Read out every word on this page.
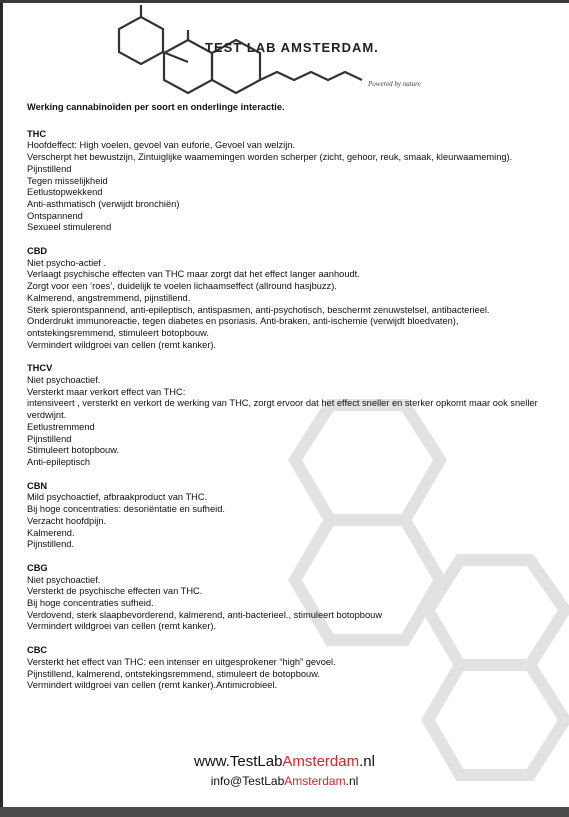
TEST LAB AMSTERDAM.
Powered by nature
Werking cannabinoïden per soort en onderlinge interactie.
THC
Hoofdeffect: High voelen, gevoel van euforie, Gevoel van welzijn.
Verscherpt het bewustzijn, Zintuiglijke waamemingen worden scherper (zicht, gehoor, reuk, smaak, kleurwaameming).
Pijnstillend
Tegen misselijkheid
Eetlustopwekkend
Anti-asthmatisch (verwijdt bronchiën)
Ontspannend
Sexueel stimulerend
CBD
Niet psycho-actief .
Verlaagt psychische effecten van THC maar zorgt dat het effect langer aanhoudt.
Zorgt voor een ‘roes’, duidelijk te voelen lichaamseffect (allround hasjbuzz).
Kalmerend, angstremmend, pijnstillend.
Sterk spierontspannend, anti-epileptisch, antispasmen, anti-psychotisch, beschermt zenuwstelsel, antibacterieel.
Onderdrukt immunoreactie, tegen diabetes en psoriasis. Anti-braken, anti-ischemie (verwijdt bloedvaten), ontstekingsremmend, stimuleert botopbouw.
Vermindert wildgroei van cellen (remt kanker).
THCV
Niet psychoactief.
Versterkt maar verkort effect van THC:
intensiveert , versterkt en verkort de werking van THC, zorgt ervoor dat het effect sneller en sterker opkomt maar ook sneller verdwijnt.
Eetlustremmend
Pijnstillend
Stimuleert botopbouw.
Anti-epileptisch
CBN
Mild psychoactief, afbraakproduct van THC.
Bij hoge concentraties: desoriëntatie en sufheid.
Verzacht hoofdpijn.
Kalmerend.
Pijnstillend.
CBG
Niet psychoactief.
Versterkt de psychische effecten van THC.
Bij hoge concentraties sufheid.
Verdovend, sterk slaapbevorderend, kalmerend, anti-bacterieel., stimuleert botopbouw
Vermindert wildgroei van cellen (remt kanker).
CBC
Versterkt het effect van THC: een intenser en uitgesprokener “high” gevoel.
Pijnstillend, kalmerend, ontstekingsremmend, stimuleert de botopbouw.
Vermindert wildgroei van cellen (remt kanker).Antimicrobieel.
www.TestLabAmsterdam.nl
info@TestLabAmsterdam.nl
